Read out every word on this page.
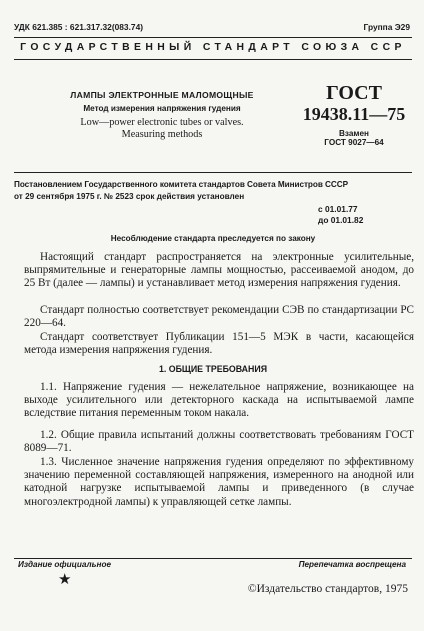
УДК 621.385 : 621.317.32(083.74)	Группа Э29
ГОСУДАРСТВЕННЫЙ СТАНДАРТ СОЮЗА ССР
ЛАМПЫ ЭЛЕКТРОННЫЕ МАЛОМОЩНЫЕ
Метод измерения напряжения гудения
Low—power electronic tubes or valves.
Measuring methods
ГОСТ
19438.11—75
Взамен
ГОСТ 9027—64
Постановлением Государственного комитета стандартов Совета Министров СССР
от 29 сентября 1975 г. № 2523 срок действия установлен
с 01.01.77
до 01.01.82
Несоблюдение стандарта преследуется по закону
Настоящий стандарт распространяется на электронные усилительные, выпрямительные и генераторные лампы мощностью, рассеиваемой анодом, до 25 Вт (далее — лампы) и устанавливает метод измерения напряжения гудения.
Стандарт полностью соответствует рекомендации СЭВ по стандартизации PC 220—64.
Стандарт соответствует Публикации 151—5 МЭК в части, касающейся метода измерения напряжения гудения.
1. ОБЩИЕ ТРЕБОВАНИЯ
1.1. Напряжение гудения — нежелательное напряжение, возникающее на выходе усилительного или детекторного каскада на испытываемой лампе вследствие питания переменным током накала.
1.2. Общие правила испытаний должны соответствовать требованиям ГОСТ 8089—71.
1.3. Численное значение напряжения гудения определяют по эффективному значению переменной составляющей напряжения, измеренного на анодной или катодной нагрузке испытываемой лампы и приведенного (в случае многоэлектродной лампы) к управляющей сетке лампы.
Издание официальное	Перепечатка воспрещена
★
©Издательство стандартов, 1975
